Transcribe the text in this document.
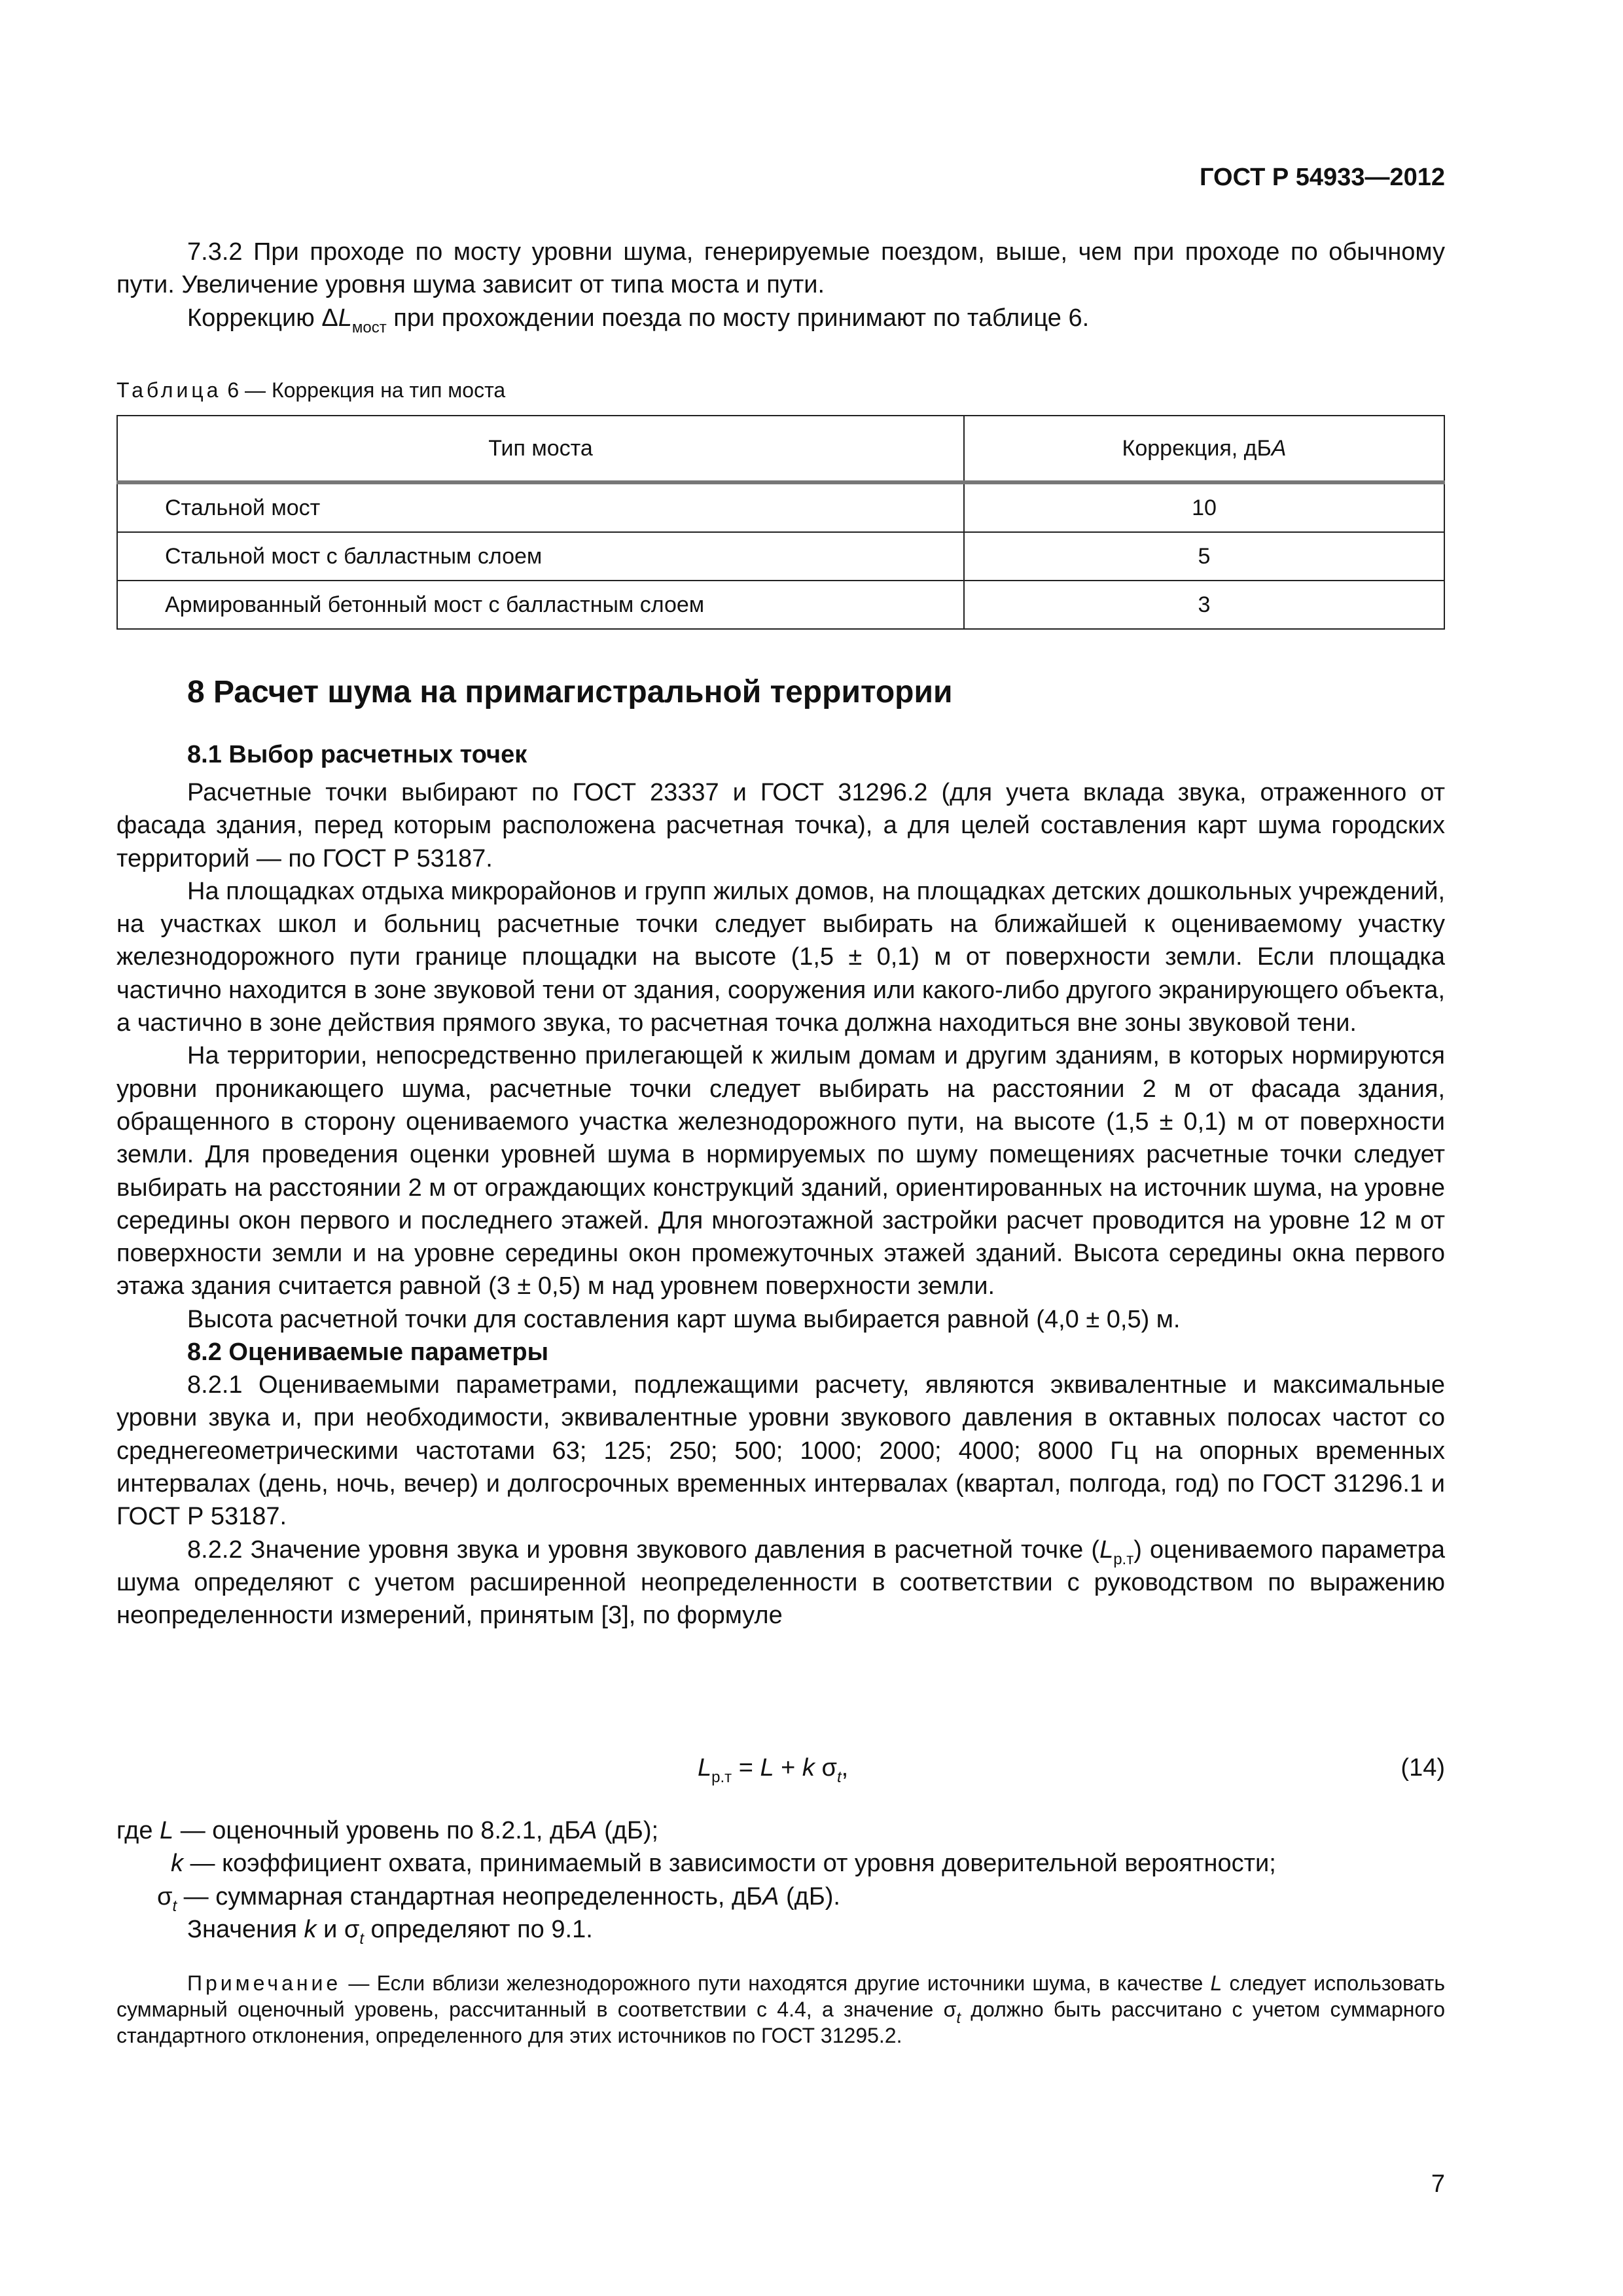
ГОСТ Р 54933—2012

7.3.2 При проходе по мосту уровни шума, генерируемые поездом, выше, чем при проходе по обычному пути. Увеличение уровня шума зависит от типа моста и пути.

Коррекцию $\Delta L_{мост}$ при прохождении поезда по мосту принимают по таблице 6.

Таблица 6 — Коррекция на тип моста
Тип моста	Коррекция, дБА
Стальной мост	10
Стальной мост с балластным слоем	5
Армированный бетонный мост с балластным слоем	3
8 Расчет шума на примагистральной территории
8.1 Выбор расчетных точек

Расчетные точки выбирают по ГОСТ 23337 и ГОСТ 31296.2 (для учета вклада звука, отраженного от фасада здания, перед которым расположена расчетная точка), а для целей составления карт шума городских территорий — по ГОСТ Р 53187.

На площадках отдыха микрорайонов и групп жилых домов, на площадках детских дошкольных учреждений, на участках школ и больниц расчетные точки следует выбирать на ближайшей к оцениваемому участку железнодорожного пути границе площадки на высоте (1,5 ± 0,1) м от поверхности земли. Если площадка частично находится в зоне звуковой тени от здания, сооружения или какого-либо другого экранирующего объекта, а частично в зоне действия прямого звука, то расчетная точка должна находиться вне зоны звуковой тени.

На территории, непосредственно прилегающей к жилым домам и другим зданиям, в которых нормируются уровни проникающего шума, расчетные точки следует выбирать на расстоянии 2 м от фасада здания, обращенного в сторону оцениваемого участка железнодорожного пути, на высоте (1,5 ± 0,1) м от поверхности земли. Для проведения оценки уровней шума в нормируемых по шуму помещениях расчетные точки следует выбирать на расстоянии 2 м от ограждающих конструкций зданий, ориентированных на источник шума, на уровне середины окон первого и последнего этажей. Для многоэтажной застройки расчет проводится на уровне 12 м от поверхности земли и на уровне середины окон промежуточных этажей зданий. Высота середины окна первого этажа здания считается равной (3 ± 0,5) м над уровнем поверхности земли.

Высота расчетной точки для составления карт шума выбирается равной (4,0 ± 0,5) м.

8.2 Оцениваемые параметры

8.2.1 Оцениваемыми параметрами, подлежащими расчету, являются эквивалентные и максимальные уровни звука и, при необходимости, эквивалентные уровни звукового давления в октавных полосах частот со среднегеометрическими частотами 63; 125; 250; 500; 1000; 2000; 4000; 8000 Гц на опорных временных интервалах (день, ночь, вечер) и долгосрочных временных интервалах (квартал, полгода, год) по ГОСТ 31296.1 и ГОСТ Р 53187.

8.2.2 Значение уровня звука и уровня звукового давления в расчетной точке $(L_{р.т})$ оцениваемого параметра шума определяют с учетом расширенной неопределенности в соответствии с руководством по выражению неопределенности измерений, принятым [3], по формуле

$L_{р.т} = L + k$ $\sigma_t$,	(14)

где L — оценочный уровень по 8.2.1, дБА (дБ);

k — коэффициент охвата, принимаемый в зависимости от уровня доверительной вероятности;

$\sigma_t$ — суммарная стандартная неопределенность, дБА (дБ).

Значения k и $\sigma_t$ определяют по 9.1.

Примечание — Если вблизи железнодорожного пути находятся другие источники шума, в качестве L следует использовать суммарный оценочный уровень, рассчитанный в соответствии с 4.4, а значение $\sigma_t$ должно быть рассчитано с учетом суммарного стандартного отклонения, определенного для этих источников по ГОСТ 31295.2.

7
